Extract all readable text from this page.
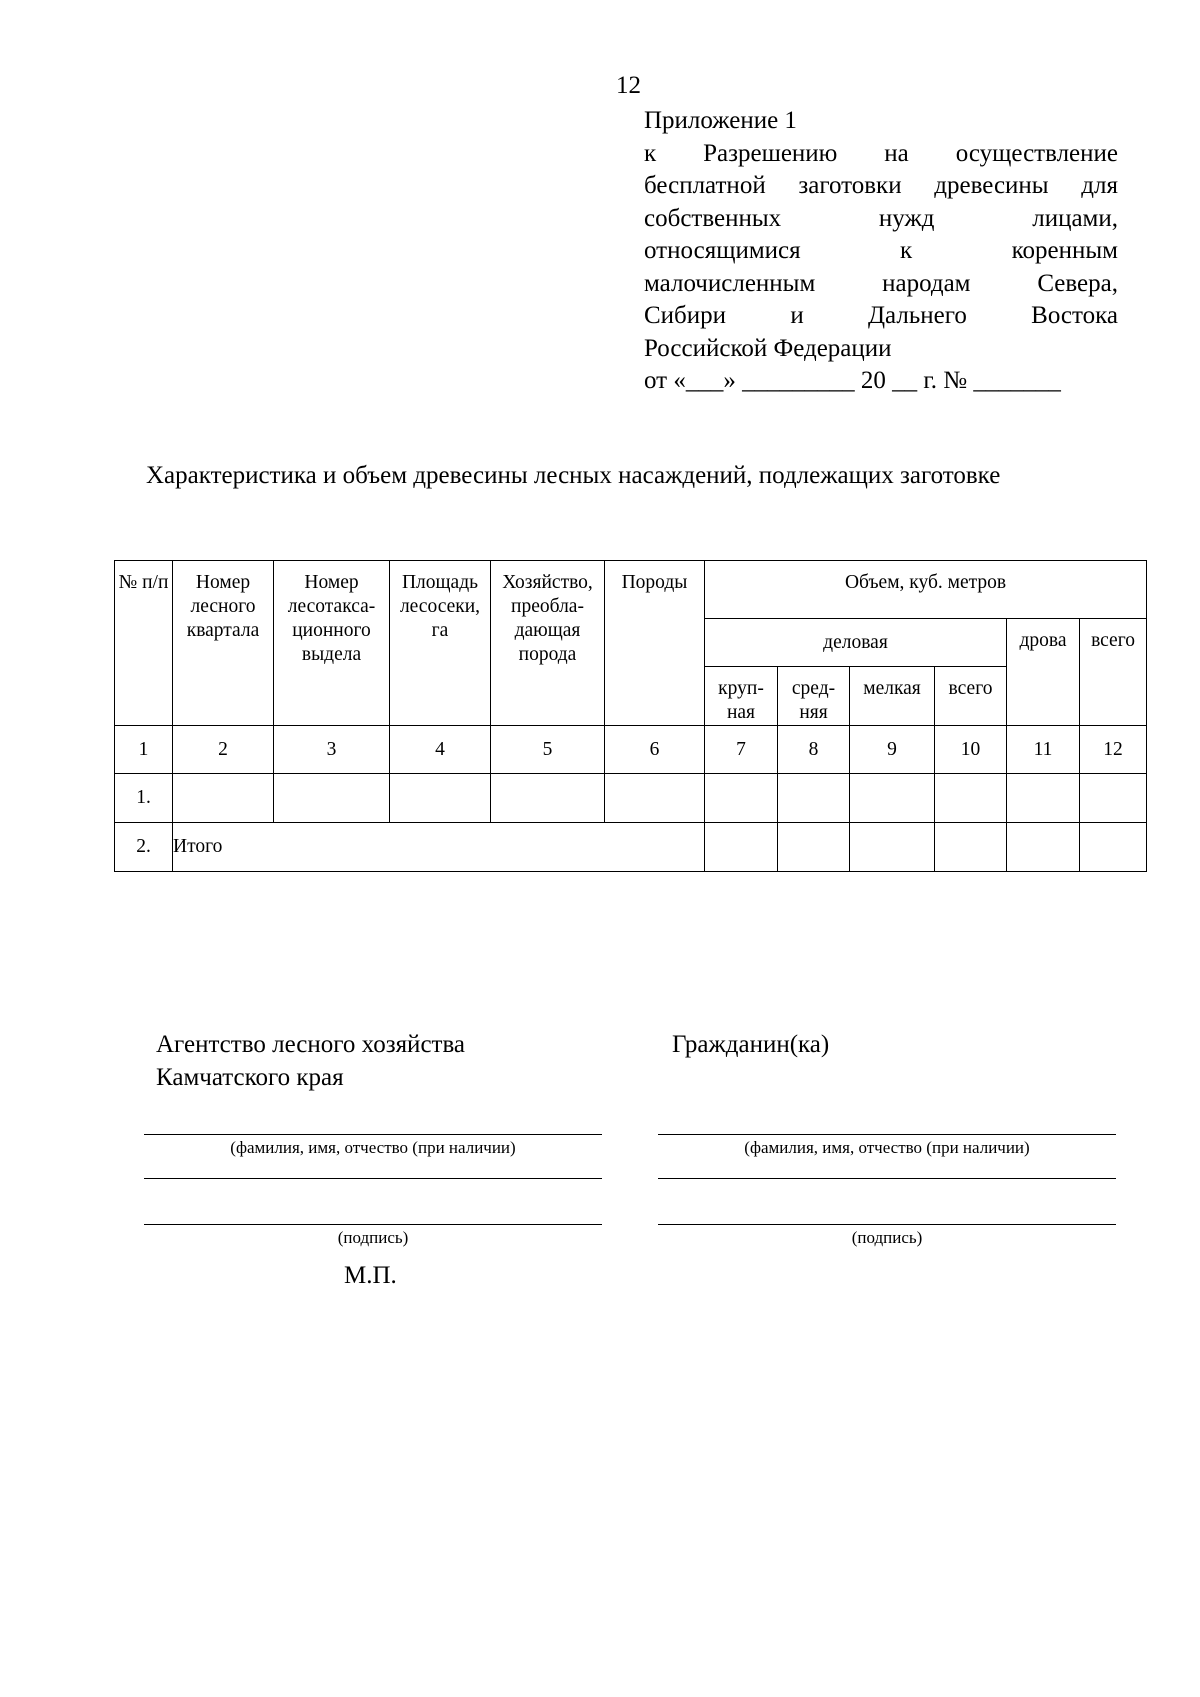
12
Приложение 1
к Разрешению на осуществление
бесплатной заготовки древесины для
собственных нужд лицами,
относящимися к коренным
малочисленным народам Севера,
Сибири и Дальнего Востока
Российской Федерации
от «___» _________ 20 __ г. № _______
Характеристика и объем древесины лесных насаждений, подлежащих заготовке
№ п/п	Номер лесного квартала	Номер лесотакса-ционного выдела	Площадь лесосеки, га	Хозяйство, преобла-дающая порода	Породы	Объем, куб. метров					
						деловая				дрова	всего
						круп-ная	сред-няя	мелкая	всего		
1	2	3	4	5	6	7	8	9	10	11	12
1.											
2.	Итого										
Агентство лесного хозяйства Камчатского края
Гражданин(ка)
(фамилия, имя, отчество (при наличии)
(подпись)
(фамилия, имя, отчество (при наличии)
(подпись)
М.П.
